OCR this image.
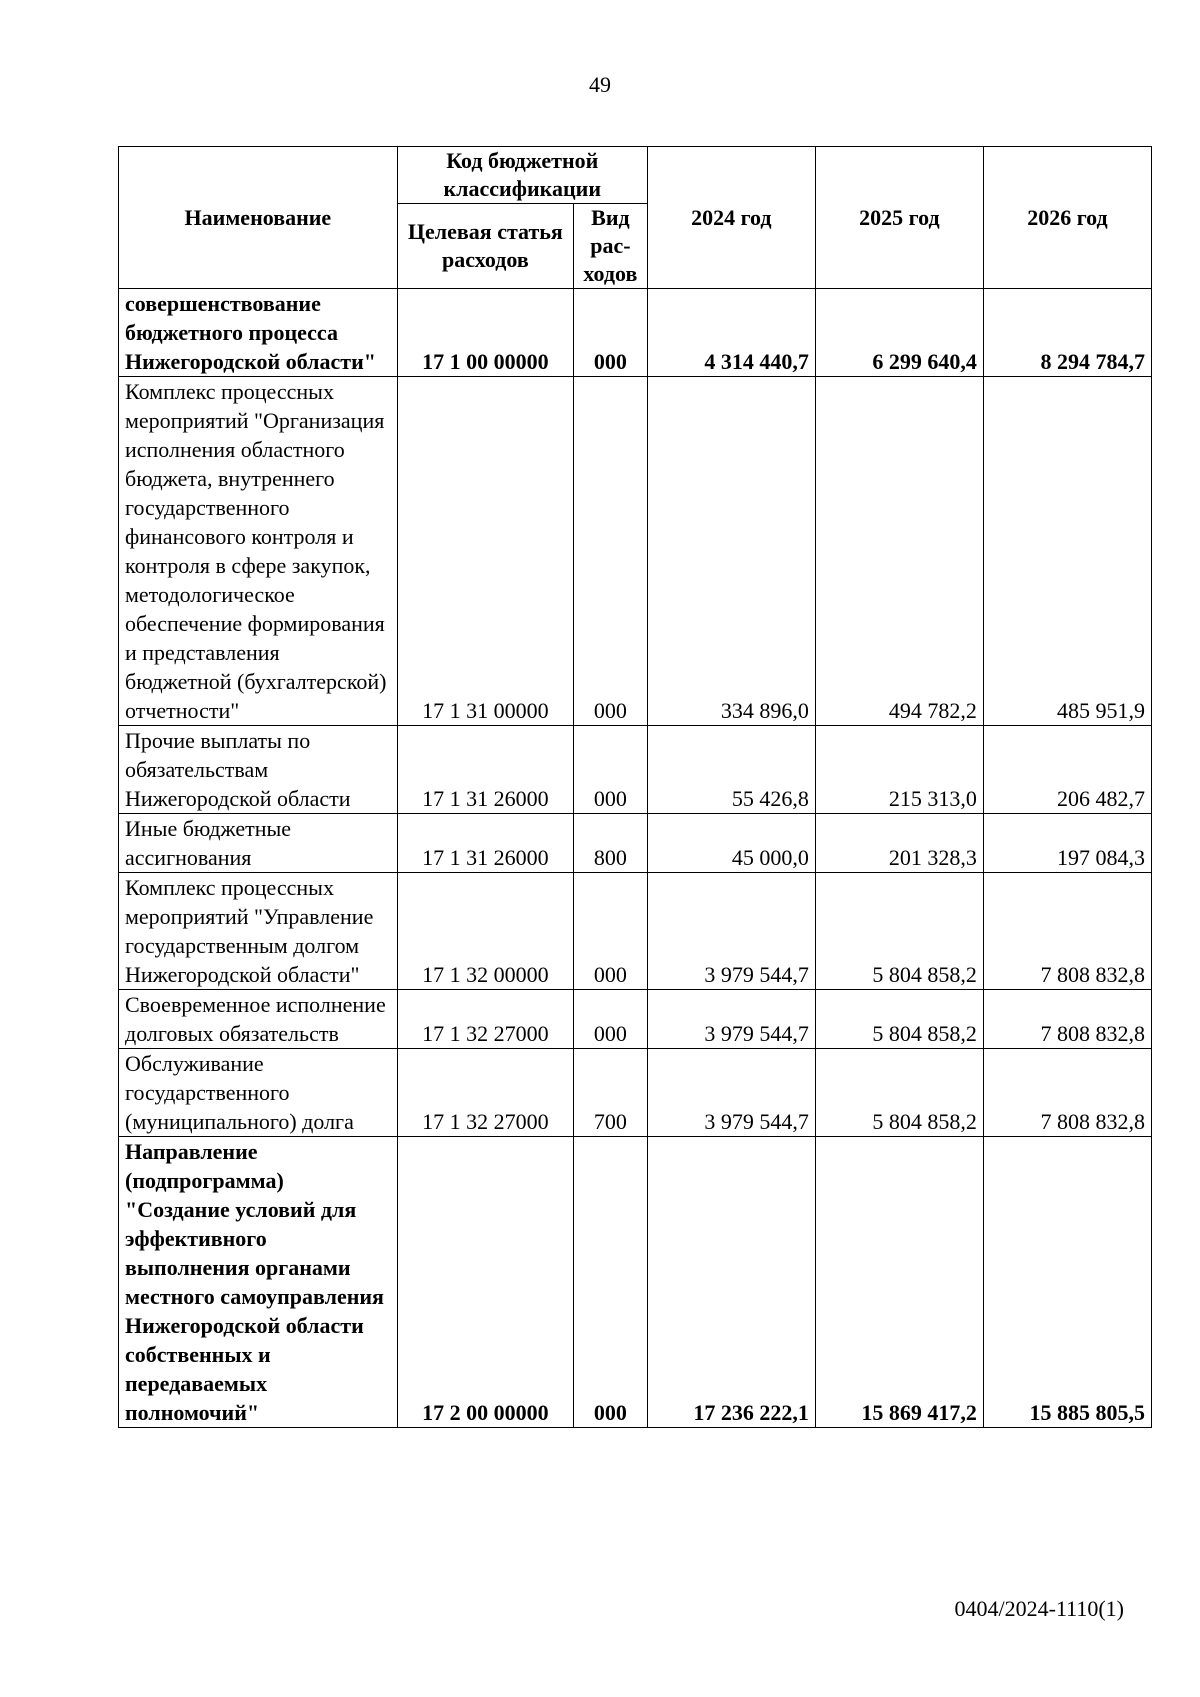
49
Наименование	Код бюджетной классификации		2024 год	2025 год	2026 год
	Целевая статья расходов	Вид рас-ходов			
совершенствование бюджетного процесса Нижегородской области"	17 1 00 00000	000	4 314 440,7	6 299 640,4	8 294 784,7
Комплекс процессных мероприятий "Организация исполнения областного бюджета, внутреннего государственного финансового контроля и контроля в сфере закупок, методологическое обеспечение формирования и представления бюджетной (бухгалтерской) отчетности"	17 1 31 00000	000	334 896,0	494 782,2	485 951,9
Прочие выплаты по обязательствам Нижегородской области	17 1 31 26000	000	55 426,8	215 313,0	206 482,7
Иные бюджетные ассигнования	17 1 31 26000	800	45 000,0	201 328,3	197 084,3
Комплекс процессных мероприятий "Управление государственным долгом Нижегородской области"	17 1 32 00000	000	3 979 544,7	5 804 858,2	7 808 832,8
Своевременное исполнение долговых обязательств	17 1 32 27000	000	3 979 544,7	5 804 858,2	7 808 832,8
Обслуживание государственного (муниципального) долга	17 1 32 27000	700	3 979 544,7	5 804 858,2	7 808 832,8
Направление (подпрограмма) "Создание условий для эффективного выполнения органами местного самоуправления Нижегородской области собственных и передаваемых полномочий"	17 2 00 00000	000	17 236 222,1	15 869 417,2	15 885 805,5
0404/2024-1110(1)
